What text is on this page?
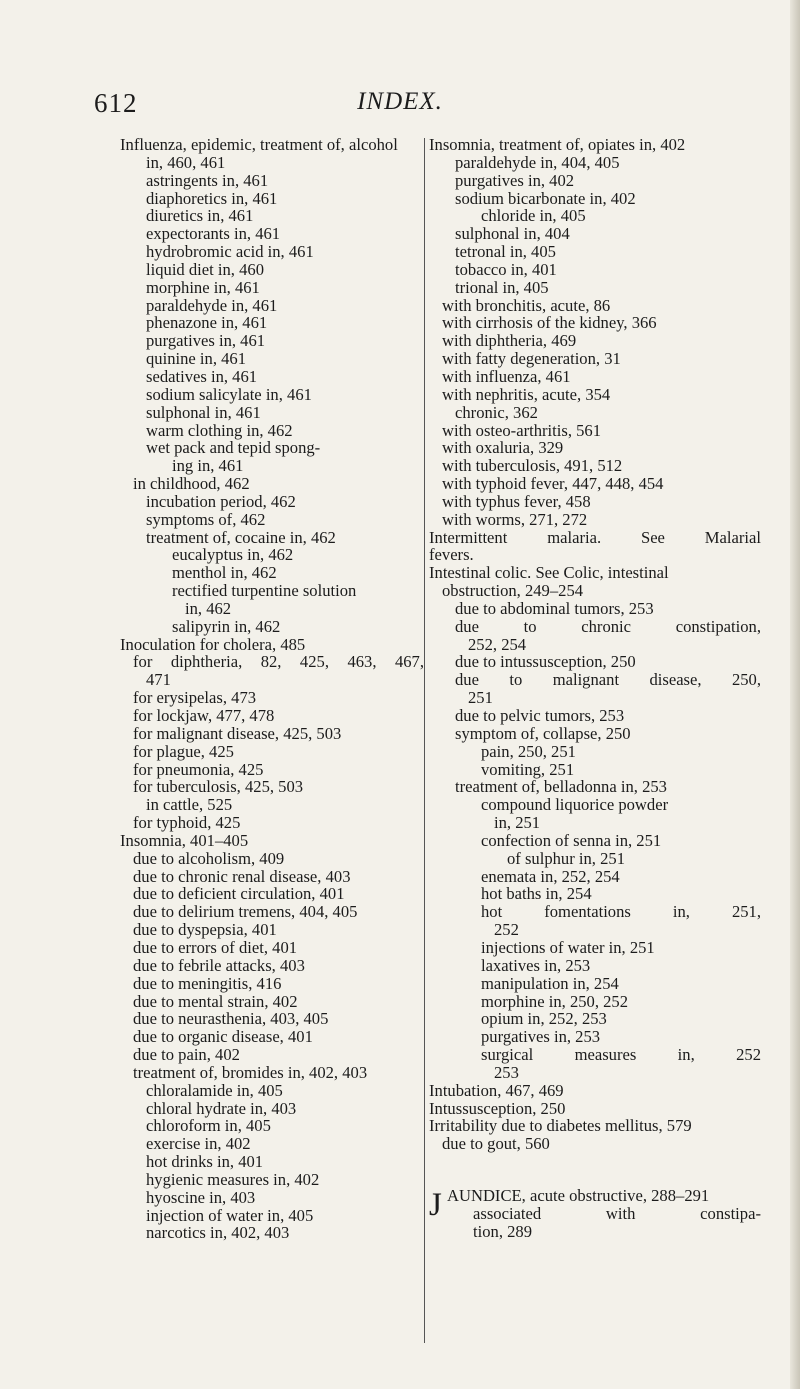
612	INDEX.
Influenza, epidemic, treatment of, alcohol
in, 460, 461
astringents in, 461
diaphoretics in, 461
diuretics in, 461
expectorants in, 461
hydrobromic acid in, 461
liquid diet in, 460
morphine in, 461
paraldehyde in, 461
phenazone in, 461
purgatives in, 461
quinine in, 461
sedatives in, 461
sodium salicylate in, 461
sulphonal in, 461
warm clothing in, 462
wet pack and tepid spong-
ing in, 461
in childhood, 462
incubation period, 462
symptoms of, 462
treatment of, cocaine in, 462
eucalyptus in, 462
menthol in, 462
rectified turpentine solution
in, 462
salipyrin in, 462
Inoculation for cholera, 485
for diphtheria, 82, 425, 463, 467,
471
for erysipelas, 473
for lockjaw, 477, 478
for malignant disease, 425, 503
for plague, 425
for pneumonia, 425
for tuberculosis, 425, 503
in cattle, 525
for typhoid, 425
Insomnia, 401–405
due to alcoholism, 409
due to chronic renal disease, 403
due to deficient circulation, 401
due to delirium tremens, 404, 405
due to dyspepsia, 401
due to errors of diet, 401
due to febrile attacks, 403
due to meningitis, 416
due to mental strain, 402
due to neurasthenia, 403, 405
due to organic disease, 401
due to pain, 402
treatment of, bromides in, 402, 403
chloralamide in, 405
chloral hydrate in, 403
chloroform in, 405
exercise in, 402
hot drinks in, 401
hygienic measures in, 402
hyoscine in, 403
injection of water in, 405
narcotics in, 402, 403
Insomnia, treatment of, opiates in, 402
paraldehyde in, 404, 405
purgatives in, 402
sodium bicarbonate in, 402
chloride in, 405
sulphonal in, 404
tetronal in, 405
tobacco in, 401
trional in, 405
with bronchitis, acute, 86
with cirrhosis of the kidney, 366
with diphtheria, 469
with fatty degeneration, 31
with influenza, 461
with nephritis, acute, 354
chronic, 362
with osteo-arthritis, 561
with oxaluria, 329
with tuberculosis, 491, 512
with typhoid fever, 447, 448, 454
with typhus fever, 458
with worms, 271, 272
Intermittent malaria. See Malarial
fevers.
Intestinal colic. See Colic, intestinal
obstruction, 249–254
due to abdominal tumors, 253
due to chronic constipation,
252, 254
due to intussusception, 250
due to malignant disease, 250,
251
due to pelvic tumors, 253
symptom of, collapse, 250
pain, 250, 251
vomiting, 251
treatment of, belladonna in, 253
compound liquorice powder
in, 251
confection of senna in, 251
of sulphur in, 251
enemata in, 252, 254
hot baths in, 254
hot fomentations in, 251,
252
injections of water in, 251
laxatives in, 253
manipulation in, 254
morphine in, 250, 252
opium in, 252, 253
purgatives in, 253
surgical measures in, 252
253
Intubation, 467, 469
Intussusception, 250
Irritability due to diabetes mellitus, 579
due to gout, 560
J AUNDICE, acute obstructive, 288–291
associated with constipa-
tion, 289
